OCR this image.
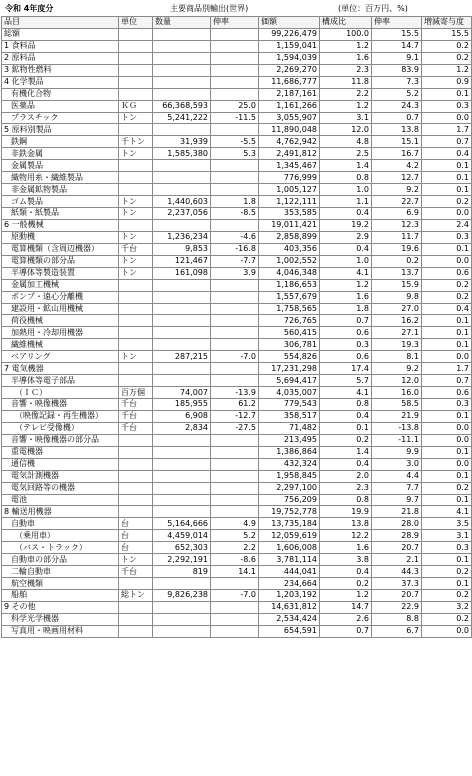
令和 4年度分	主要商品別輸出(世界)	(単位：百万円、%)
品目	単位	数量	伸率	価額	構成比	伸率	増減寄与度
総額				99,226,479	100.0	15.5	15.5
1 食料品				1,159,041	1.2	14.7	0.2
2 原料品				1,594,039	1.6	9.1	0.2
3 鉱物性燃料				2,269,270	2.3	83.9	1.2
4 化学製品				11,686,777	11.8	7.3	0.9
有機化合物				2,187,161	2.2	5.2	0.1
医薬品	ＫＧ	66,368,593	25.0	1,161,266	1.2	24.3	0.3
プラスチック	トン	5,241,222	-11.5	3,055,907	3.1	0.7	0.0
5 原料別製品				11,890,048	12.0	13.8	1.7
鉄鋼	千トン	31,939	-5.5	4,762,942	4.8	15.1	0.7
非鉄金属	トン	1,585,380	5.3	2,491,812	2.5	16.7	0.4
金属製品				1,345,467	1.4	4.2	0.1
織物用糸・繊維製品				776,999	0.8	12.7	0.1
非金属鉱物製品				1,005,127	1.0	9.2	0.1
ゴム製品	トン	1,440,603	1.8	1,122,111	1.1	22.7	0.2
紙類・紙製品	トン	2,237,056	-8.5	353,585	0.4	6.9	0.0
6 一般機械				19,011,421	19.2	12.3	2.4
原動機	トン	1,236,234	-4.6	2,858,899	2.9	11.7	0.3
電算機類（含周辺機器）	千台	9,853	-16.8	403,356	0.4	19.6	0.1
電算機類の部分品	トン	121,467	-7.7	1,002,552	1.0	0.2	0.0
半導体等製造装置	トン	161,098	3.9	4,046,348	4.1	13.7	0.6
金属加工機械				1,186,653	1.2	15.9	0.2
ポンプ・遠心分離機				1,557,679	1.6	9.8	0.2
建設用・鉱山用機械				1,758,565	1.8	27.0	0.4
荷役機械				726,765	0.7	16.2	0.1
加熱用・冷却用機器				560,415	0.6	27.1	0.1
繊維機械				306,781	0.3	19.3	0.1
ベアリング	トン	287,215	-7.0	554,826	0.6	8.1	0.0
7 電気機器				17,231,298	17.4	9.2	1.7
半導体等電子部品				5,694,417	5.7	12.0	0.7
（ＩＣ）	百万個	74,007	-13.9	4,035,007	4.1	16.0	0.6
音響・映像機器	千台	185,955	61.2	779,543	0.8	58.5	0.3
（映像記録・再生機器）	千台	6,908	-12.7	358,517	0.4	21.9	0.1
（テレビ受像機）	千台	2,834	-27.5	71,482	0.1	-13.8	0.0
音響・映像機器の部分品				213,495	0.2	-11.1	0.0
重電機器				1,386,864	1.4	9.9	0.1
通信機				432,324	0.4	3.0	0.0
電気計測機器				1,958,845	2.0	4.4	0.1
電気回路等の機器				2,297,100	2.3	7.7	0.2
電池				756,209	0.8	9.7	0.1
8 輸送用機器				19,752,778	19.9	21.8	4.1
自動車	台	5,164,666	4.9	13,735,184	13.8	28.0	3.5
（乗用車）	台	4,459,014	5.2	12,059,619	12.2	28.9	3.1
（バス・トラック）	台	652,303	2.2	1,606,008	1.6	20.7	0.3
自動車の部分品	トン	2,292,191	-8.6	3,781,114	3.8	2.1	0.1
二輪自動車	千台	819	14.1	444,041	0.4	44.3	0.2
航空機類				234,664	0.2	37.3	0.1
船舶	総トン	9,826,238	-7.0	1,203,192	1.2	20.7	0.2
9 その他				14,631,812	14.7	22.9	3.2
科学光学機器				2,534,424	2.6	8.8	0.2
写真用・映画用材料				654,591	0.7	6.7	0.0
